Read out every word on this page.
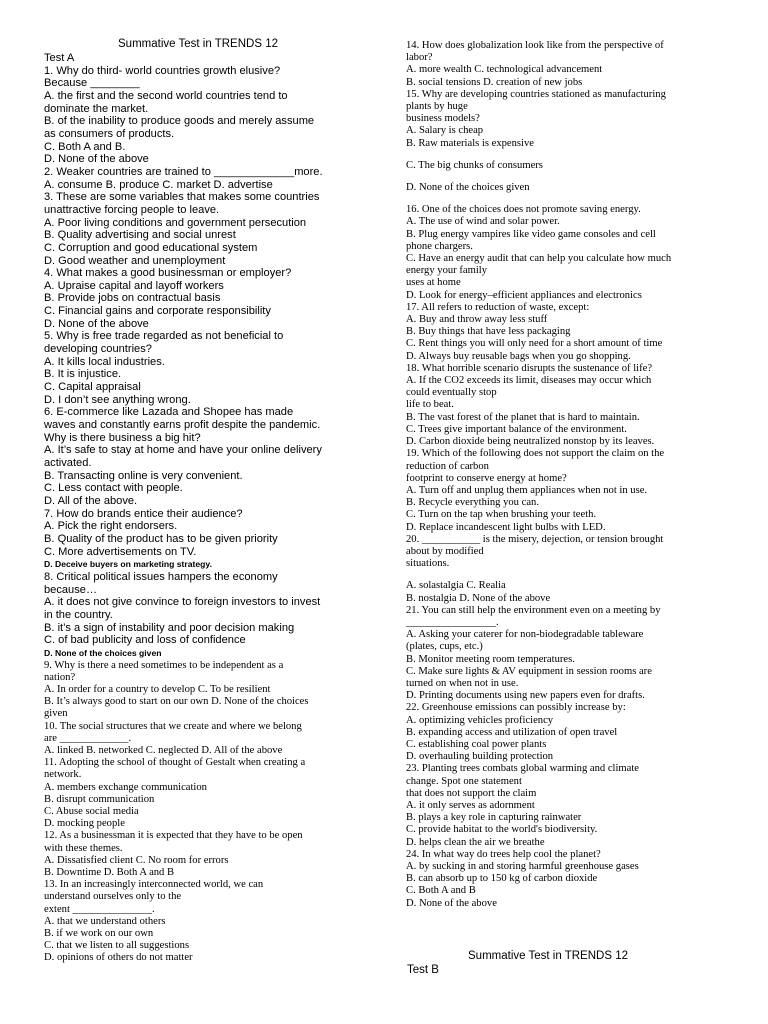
Summative Test in TRENDS 12
Test A
1. Why do third- world countries growth elusive?
Because ________
A. the first and the second world countries tend to
dominate the market.
B. of the inability to produce goods and merely assume
as consumers of products.
C. Both A and B.
D. None of the above
2. Weaker countries are trained to _____________more.
A. consume B. produce C. market D. advertise
3. These are some variables that makes some countries
unattractive forcing people to leave.
A. Poor living conditions and government persecution
B. Quality advertising and social unrest
C. Corruption and good educational system
D. Good weather and unemployment
4. What makes a good businessman or employer?
A. Upraise capital and layoff workers
B. Provide jobs on contractual basis
C. Financial gains and corporate responsibility
D. None of the above
5. Why is free trade regarded as not beneficial to
developing countries?
A. It kills local industries.
B. It is injustice.
C. Capital appraisal
D. I don’t see anything wrong.
6. E-commerce like Lazada and Shopee has made
waves and constantly earns profit despite the pandemic.
Why is there business a big hit?
A. It’s safe to stay at home and have your online delivery
activated.
B. Transacting online is very convenient.
C. Less contact with people.
D. All of the above.
7. How do brands entice their audience?
A. Pick the right endorsers.
B. Quality of the product has to be given priority
C. More advertisements on TV.
D. Deceive buyers on marketing strategy.
8. Critical political issues hampers the economy
because…
A. it does not give convince to foreign investors to invest
in the country.
B. it’s a sign of instability and poor decision making
C. of bad publicity and loss of confidence
D. None of the choices given
9. Why is there a need sometimes to be independent as a
nation?
A. In order for a country to develop C. To be resilient
B. It’s always good to start on our own D. None of the choices
given
10. The social structures that we create and where we belong
are _____________.
A. linked B. networked C. neglected D. All of the above
11. Adopting the school of thought of Gestalt when creating a
network.
A. members exchange communication
B. disrupt communication
C. Abuse social media
D. mocking people
12. As a businessman it is expected that they have to be open
with these themes.
A. Dissatisfied client C. No room for errors
B. Downtime D. Both A and B
13. In an increasingly interconnected world, we can
understand ourselves only to the
extent _______________.
A. that we understand others
B. if we work on our own
C. that we listen to all suggestions
D. opinions of others do not matter
14. How does globalization look like from the perspective of
labor?
A. more wealth C. technological advancement
B. social tensions D. creation of new jobs
15. Why are developing countries stationed as manufacturing
plants by huge
business models?
A. Salary is cheap
B. Raw materials is expensive
C. The big chunks of consumers
D. None of the choices given
16. One of the choices does not promote saving energy.
A. The use of wind and solar power.
B. Plug energy vampires like video game consoles and cell
phone chargers.
C. Have an energy audit that can help you calculate how much
energy your family
uses at home
D. Look for energy–efficient appliances and electronics
17. All refers to reduction of waste, except:
A. Buy and throw away less stuff
B. Buy things that have less packaging
C. Rent things you will only need for a short amount of time
D. Always buy reusable bags when you go shopping.
18. What horrible scenario disrupts the sustenance of life?
A. If the CO2 exceeds its limit, diseases may occur which
could eventually stop
life to beat.
B. The vast forest of the planet that is hard to maintain.
C. Trees give important balance of the environment.
D. Carbon dioxide being neutralized nonstop by its leaves.
19. Which of the following does not support the claim on the
reduction of carbon
footprint to conserve energy at home?
A. Turn off and unplug them appliances when not in use.
B. Recycle everything you can.
C. Turn on the tap when brushing your teeth.
D. Replace incandescent light bulbs with LED.
20. ___________ is the misery, dejection, or tension brought
about by modified
situations.
A. solastalgia C. Realia
B. nostalgia D. None of the above
21. You can still help the environment even on a meeting by
_________________.
A. Asking your caterer for non-biodegradable tableware
(plates, cups, etc.)
B. Monitor meeting room temperatures.
C. Make sure lights & AV equipment in session rooms are
turned on when not in use.
D. Printing documents using new papers even for drafts.
22. Greenhouse emissions can possibly increase by:
A. optimizing vehicles proficiency
B. expanding access and utilization of open travel
C. establishing coal power plants
D. overhauling building protection
23. Planting trees combats global warming and climate
change. Spot one statement
that does not support the claim
A. it only serves as adornment
B. plays a key role in capturing rainwater
C. provide habitat to the world's biodiversity.
D. helps clean the air we breathe
24. In what way do trees help cool the planet?
A. by sucking in and storing harmful greenhouse gases
B. can absorb up to 150 kg of carbon dioxide
C. Both A and B
D. None of the above
Summative Test in TRENDS 12
Test B
